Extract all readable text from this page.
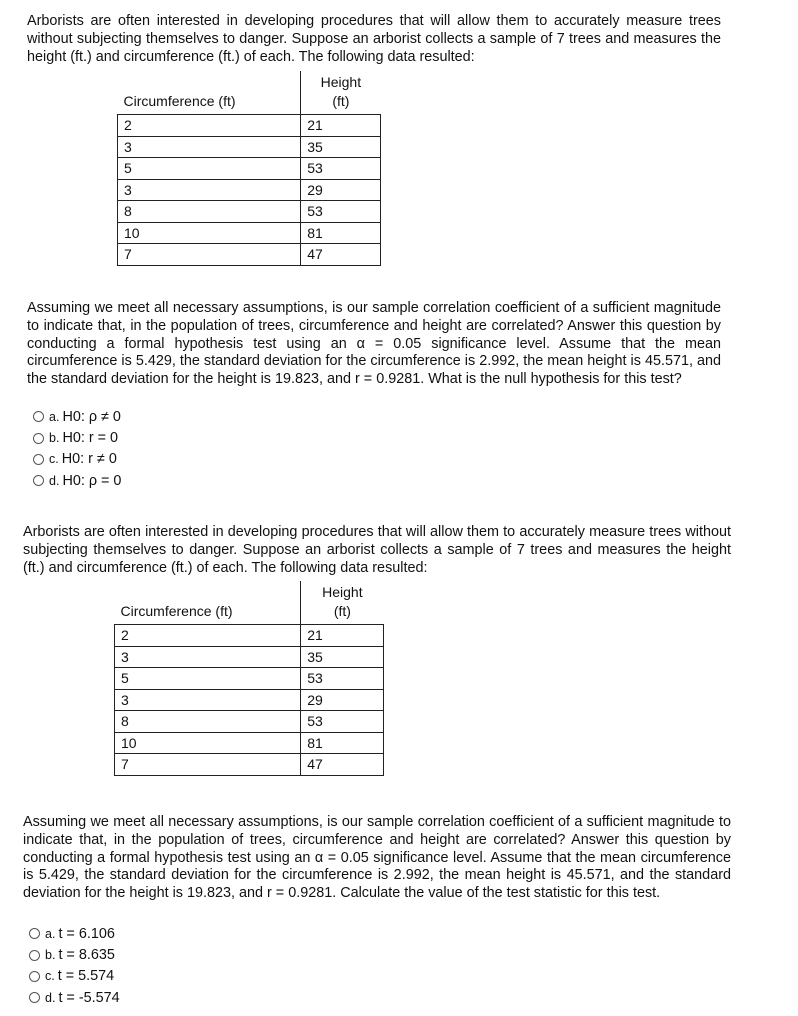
Arborists are often interested in developing procedures that will allow them to accurately measure trees without subjecting themselves to danger. Suppose an arborist collects a sample of 7 trees and measures the height (ft.) and circumference (ft.) of each. The following data resulted:

Circumference (ft)	Height
(ft)
2	21
3	35
5	53
3	29
8	53
10	81
7	47

Assuming we meet all necessary assumptions, is our sample correlation coefficient of a sufficient magnitude to indicate that, in the population of trees, circumference and height are correlated? Answer this question by conducting a formal hypothesis test using an α = 0.05 significance level. Assume that the mean circumference is 5.429, the standard deviation for the circumference is 2.992, the mean height is 45.571, and the standard deviation for the height is 19.823, and r = 0.9281. What is the null hypothesis for this test?

a. H0: ρ ≠ 0
b. H0: r = 0
c. H0: r ≠ 0
d. H0: ρ = 0

Arborists are often interested in developing procedures that will allow them to accurately measure trees without subjecting themselves to danger. Suppose an arborist collects a sample of 7 trees and measures the height (ft.) and circumference (ft.) of each. The following data resulted:

Circumference (ft)	Height
(ft)
2	21
3	35
5	53
3	29
8	53
10	81
7	47

Assuming we meet all necessary assumptions, is our sample correlation coefficient of a sufficient magnitude to indicate that, in the population of trees, circumference and height are correlated? Answer this question by conducting a formal hypothesis test using an α = 0.05 significance level. Assume that the mean circumference is 5.429, the standard deviation for the circumference is 2.992, the mean height is 45.571, and the standard deviation for the height is 19.823, and r = 0.9281. Calculate the value of the test statistic for this test.

a. t = 6.106
b. t = 8.635
c. t = 5.574
d. t = -5.574
